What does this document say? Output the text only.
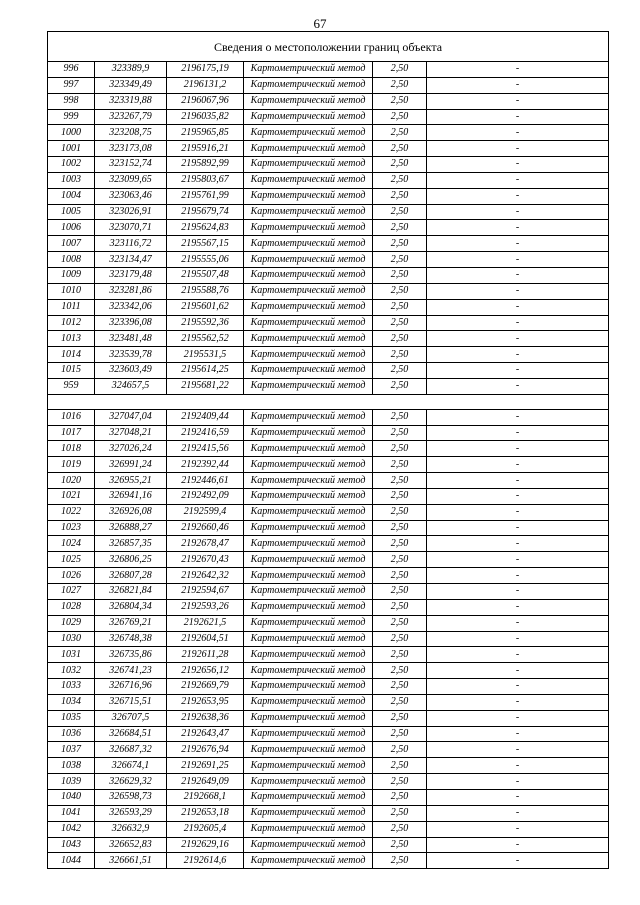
67
Сведения о местоположении границ объекта					
996	323389,9	2196175,19	Картометрический метод	2,50	-
997	323349,49	2196131,2	Картометрический метод	2,50	-
998	323319,88	2196067,96	Картометрический метод	2,50	-
999	323267,79	2196035,82	Картометрический метод	2,50	-
1000	323208,75	2195965,85	Картометрический метод	2,50	-
1001	323173,08	2195916,21	Картометрический метод	2,50	-
1002	323152,74	2195892,99	Картометрический метод	2,50	-
1003	323099,65	2195803,67	Картометрический метод	2,50	-
1004	323063,46	2195761,99	Картометрический метод	2,50	-
1005	323026,91	2195679,74	Картометрический метод	2,50	-
1006	323070,71	2195624,83	Картометрический метод	2,50	-
1007	323116,72	2195567,15	Картометрический метод	2,50	-
1008	323134,47	2195555,06	Картометрический метод	2,50	-
1009	323179,48	2195507,48	Картометрический метод	2,50	-
1010	323281,86	2195588,76	Картометрический метод	2,50	-
1011	323342,06	2195601,62	Картометрический метод	2,50	-
1012	323396,08	2195592,36	Картометрический метод	2,50	-
1013	323481,48	2195562,52	Картометрический метод	2,50	-
1014	323539,78	2195531,5	Картометрический метод	2,50	-
1015	323603,49	2195614,25	Картометрический метод	2,50	-
959	324657,5	2195681,22	Картометрический метод	2,50	-

1016	327047,04	2192409,44	Картометрический метод	2,50	-
1017	327048,21	2192416,59	Картометрический метод	2,50	-
1018	327026,24	2192415,56	Картометрический метод	2,50	-
1019	326991,24	2192392,44	Картометрический метод	2,50	-
1020	326955,21	2192446,61	Картометрический метод	2,50	-
1021	326941,16	2192492,09	Картометрический метод	2,50	-
1022	326926,08	2192599,4	Картометрический метод	2,50	-
1023	326888,27	2192660,46	Картометрический метод	2,50	-
1024	326857,35	2192678,47	Картометрический метод	2,50	-
1025	326806,25	2192670,43	Картометрический метод	2,50	-
1026	326807,28	2192642,32	Картометрический метод	2,50	-
1027	326821,84	2192594,67	Картометрический метод	2,50	-
1028	326804,34	2192593,26	Картометрический метод	2,50	-
1029	326769,21	2192621,5	Картометрический метод	2,50	-
1030	326748,38	2192604,51	Картометрический метод	2,50	-
1031	326735,86	2192611,28	Картометрический метод	2,50	-
1032	326741,23	2192656,12	Картометрический метод	2,50	-
1033	326716,96	2192669,79	Картометрический метод	2,50	-
1034	326715,51	2192653,95	Картометрический метод	2,50	-
1035	326707,5	2192638,36	Картометрический метод	2,50	-
1036	326684,51	2192643,47	Картометрический метод	2,50	-
1037	326687,32	2192676,94	Картометрический метод	2,50	-
1038	326674,1	2192691,25	Картометрический метод	2,50	-
1039	326629,32	2192649,09	Картометрический метод	2,50	-
1040	326598,73	2192668,1	Картометрический метод	2,50	-
1041	326593,29	2192653,18	Картометрический метод	2,50	-
1042	326632,9	2192605,4	Картометрический метод	2,50	-
1043	326652,83	2192629,16	Картометрический метод	2,50	-
1044	326661,51	2192614,6	Картометрический метод	2,50	-
